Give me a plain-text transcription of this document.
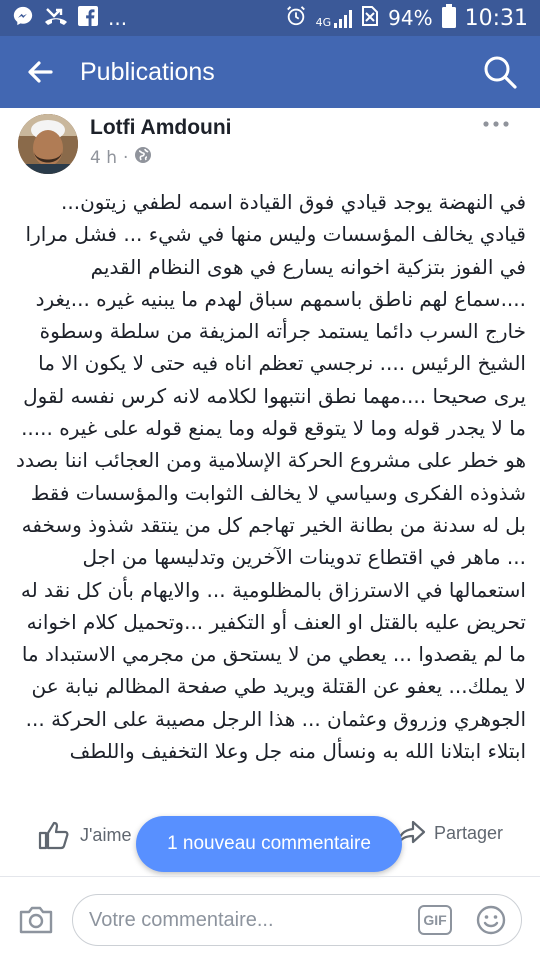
...	4G	94% 10:31
Publications
Lotfi Amdouni
4 h ·
في النهضة يوجد قيادي فوق القيادة اسمه لطفي زيتون...
قيادي يخالف المؤسسات وليس منها في شيء ... فشل مرارا في الفوز بتزكية اخوانه يسارع في هوى النظام القديم ....سماع لهم ناطق باسمهم سباق لهدم ما يبنيه غيره ...يغرد خارج السرب دائما يستمد جرأته المزيفة من سلطة وسطوة الشيخ الرئيس .... نرجسي تعظم اناه فيه حتى لا يكون الا ما يرى صحيحا ....مهما نطق انتبهوا لكلامه لانه كرس نفسه لقول ما لا يجدر قوله وما لا يتوقع قوله وما يمنع قوله على غيره ..... هو خطر على مشروع الحركة الإسلامية ومن العجائب اننا بصدد شذوذه الفكرى وسياسي لا يخالف الثوابت والمؤسسات فقط بل له سدنة من بطانة الخير تهاجم كل من ينتقد شذوذ وسخفه ... ماهر في اقتطاع تدوينات الآخرين وتدليسها من اجل استعمالها في الاسترزاق بالمظلومية ... والايهام بأن كل نقد له تحريض عليه بالقتل او العنف أو التكفير ...وتحميل كلام اخوانه ما لم يقصدوا ... يعطي من لا يستحق من مجرمي الاستبداد ما لا يملك... يعفو عن القتلة ويريد طي صفحة المظالم نيابة عن الجوهري وزروق وعثمان ... هذا الرجل مصيبة على الحركة ... ابتلاء ابتلانا الله به ونسأل منه جل وعلا التخفيف واللطف
J'aime	Partager
1 nouveau commentaire
Votre commentaire...
GIF
